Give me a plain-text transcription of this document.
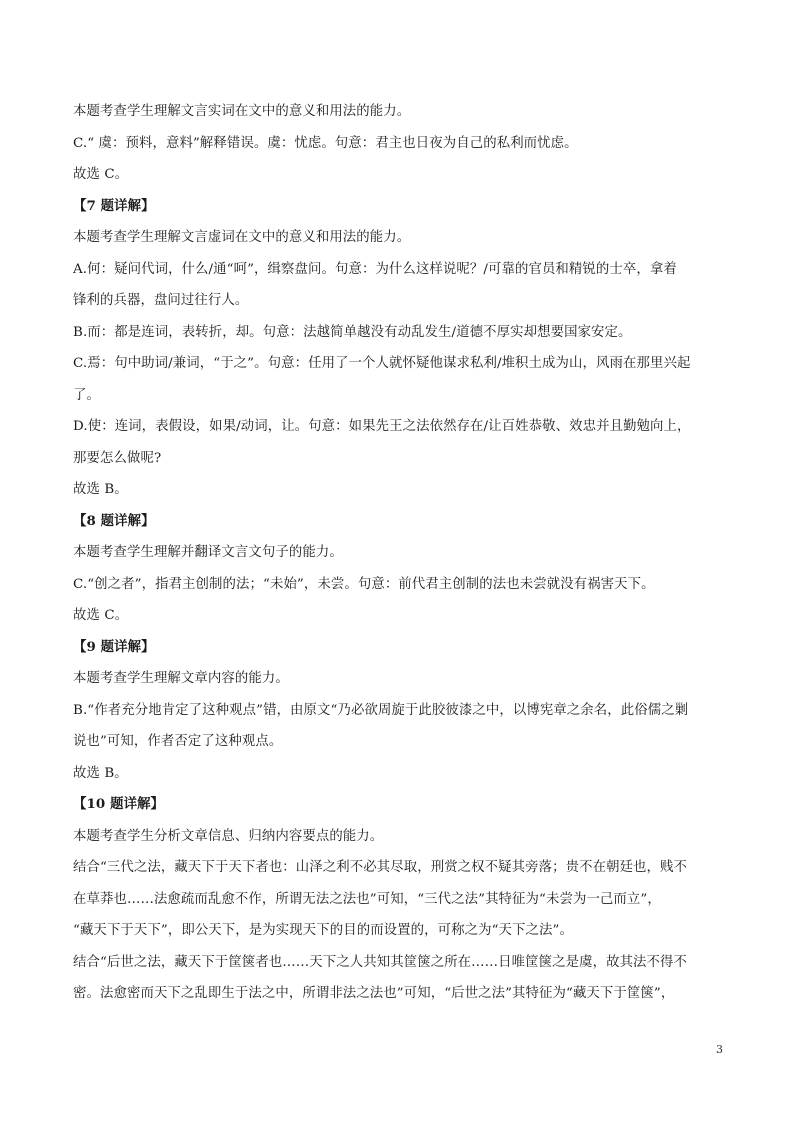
本题考查学生理解文言实词在文中的意义和用法的能力。
C.“ 虞：预料，意料”解释错误。虞：忧虑。句意：君主也日夜为自己的私利而忧虑。
故选 C。
【7 题详解】
本题考查学生理解文言虚词在文中的意义和用法的能力。
A.何：疑问代词，什么/通“呵”，缉察盘问。句意：为什么这样说呢？/可靠的官员和精锐的士卒，拿着
锋利的兵器，盘问过往行人。
B.而：都是连词，表转折，却。句意：法越简单越没有动乱发生/道德不厚实却想要国家安定。
C.焉：句中助词/兼词，“于之”。句意：任用了一个人就怀疑他谋求私利/堆积土成为山，风雨在那里兴起
了。
D.使：连词，表假设，如果/动词，让。句意：如果先王之法依然存在/让百姓恭敬、效忠并且勤勉向上，
那要怎么做呢?
故选 B。
【8 题详解】
本题考查学生理解并翻译文言文句子的能力。
C.“创之者”，指君主创制的法；“未始”，未尝。句意：前代君主创制的法也未尝就没有祸害天下。
故选 C。
【9 题详解】
本题考查学生理解文章内容的能力。
B.“作者充分地肯定了这种观点”错，由原文“乃必欲周旋于此胶彼漆之中，以博宪章之余名，此俗儒之剿
说也”可知，作者否定了这种观点。
故选 B。
【10 题详解】
本题考查学生分析文章信息、归纳内容要点的能力。
结合“三代之法，藏天下于天下者也：山泽之利不必其尽取，刑赏之权不疑其旁落；贵不在朝廷也，贱不
在草莽也……法愈疏而乱愈不作，所谓无法之法也”可知，“三代之法”其特征为“未尝为一己而立”，
“藏天下于天下”，即公天下，是为实现天下的目的而设置的，可称之为“天下之法”。
结合“后世之法，藏天下于筐箧者也……天下之人共知其筐箧之所在……日唯筐箧之是虞，故其法不得不
密。法愈密而天下之乱即生于法之中，所谓非法之法也”可知，“后世之法”其特征为“藏天下于筐箧”，
3
